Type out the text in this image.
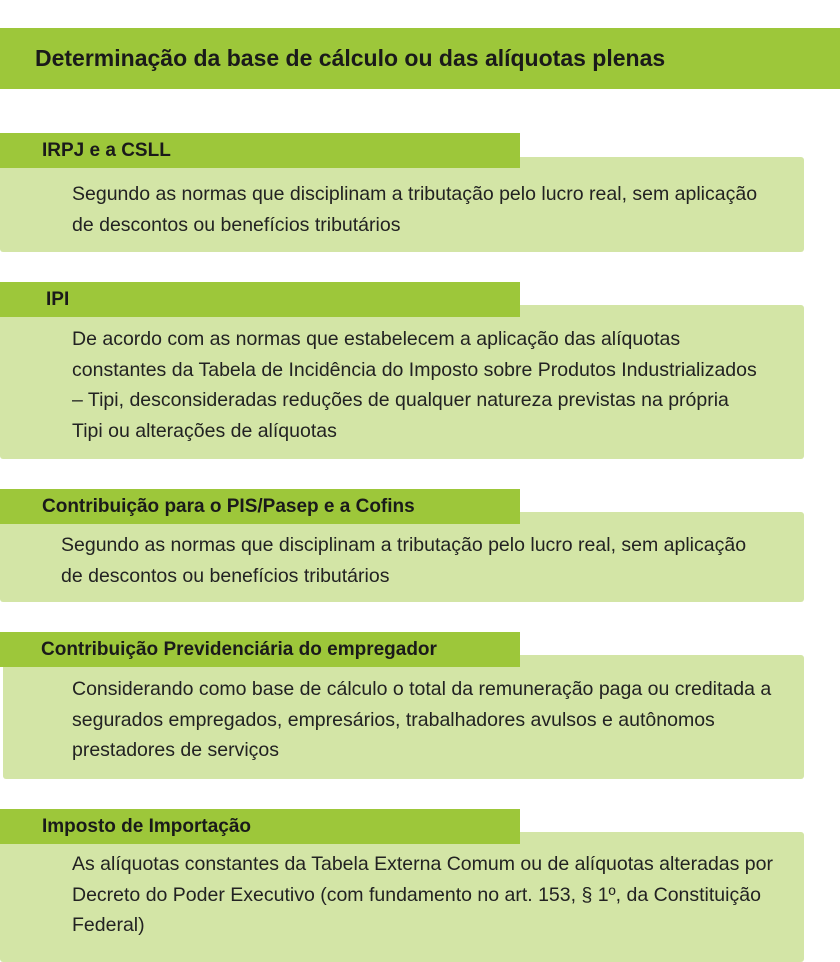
Determinação da base de cálculo ou das alíquotas plenas

Segundo as normas que disciplinam a tributação pelo lucro real, sem aplicação de descontos ou benefícios tributários

IRPJ e a CSLL

De acordo com as normas que estabelecem a aplicação das alíquotas constantes da Tabela de Incidência do Imposto sobre Produtos Industrializados – Tipi, desconsideradas reduções de qualquer natureza previstas na própria Tipi ou alterações de alíquotas

IPI

Segundo as normas que disciplinam a tributação pelo lucro real, sem aplicação de descontos ou benefícios tributários

Contribuição para o PIS/Pasep e a Cofins

Considerando como base de cálculo o total da remuneração paga ou creditada a segurados empregados, empresários, trabalhadores avulsos e autônomos prestadores de serviços

Contribuição Previdenciária do empregador

As alíquotas constantes da Tabela Externa Comum ou de alíquotas alteradas por Decreto do Poder Executivo (com fundamento no art. 153, § 1º, da Constituição Federal)

Imposto de Importação
